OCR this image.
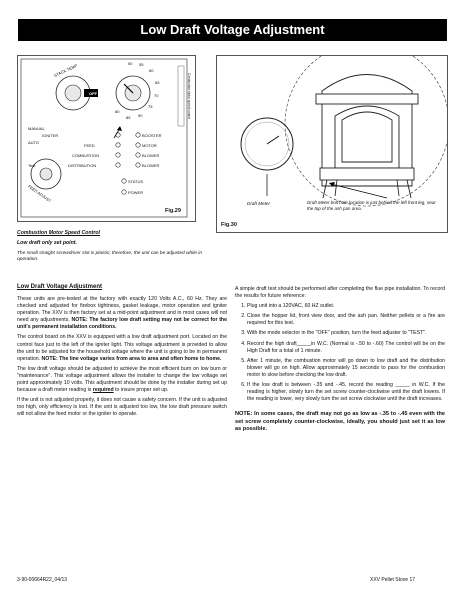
Low Draft Voltage Adjustment
STACK TEMP
OFF
50 55
60
65
70
90
85
80
75
MANUAL
IGNITER
AUTO
FEED
COMBUSTION
DISTRIBUTION
BOOSTER
MOTOR
BLOWER
BLOWER
STATUS
POWER
Test
FEED ADJUST
Combustion motor speed control
Fig.29
Combustion Motor Speed Control
Low draft only set point.
The small straight screwdriver slot is plastic; therefore, the unit can be adjusted while in operation.
Draft Meter	Draft Meter bolt hole location is just behind the left front leg, near the top of the ash pan area.
Fig.30
Low Draft Voltage Adjustment

These units are pre-tested at the factory with exactly 120 Volts A.C., 60 Hz. They are checked and adjusted for firebox tightness, gasket leakage, motor operation and igniter operation. The XXV is then factory set at a mid-point adjustment and in most cases will not need any adjustments. NOTE: The factory low draft setting may not be correct for the unit's permanent installation conditions.

The control board on the XXV is equipped with a low draft adjustment port. Located on the control face just to the left of the igniter light. This voltage adjustment is provided to allow the unit to be adjusted for the household voltage where the unit is going to be in permanent operation. NOTE: The line voltage varies from area to area and often home to home.

The low draft voltage should be adjusted to achieve the most efficient burn on low burn or "maintenance". This voltage adjustment allows the installer to change the low voltage set point approximately 10 volts. This adjustment should be done by the installer during set up because a draft meter reading is required to insure proper set up.

If the unit is not adjusted properly, it does not cause a safety concern. If the unit is adjusted too high, only efficiency is lost. If the unit is adjusted too low, the low draft pressure switch will not allow the feed motor or the igniter to operate.

A simple draft test should be performed after completing the flue pipe installation. To record the results for future reference:

1. Plug unit into a 120VAC, 60 HZ outlet.
2. Close the hopper lid, front view door, and the ash pan. Neither pellets or a fire are required for this test.
3. With the mode selector in the "OFF" position, turn the feed adjuster to "TEST".
4. Record the high draft_____in W.C. (Normal is -.50 to -.60) The control will be on the High Draft for a total of 1 minute.
5. After 1 minute, the combustion motor will go down to low draft and the distribution blower will go on high. Allow approximately 15 seconds to pass for the combustion motor to slow before checking the low draft.
6. If the low draft is between -.35 and -.45, record the reading _____ in W.C. If the reading is higher, slowly turn the set screw counter-clockwise until the draft lowers. If the reading is lower, very slowly turn the set screw clockwise until the draft increases.

NOTE: In some cases, the draft may not go as low as -.35 to -.45 even with the set screw completely counter-clockwise, ideally, you should just set it as low as possible.

3-90-00664R22_04/13	XXV Pellet Stove 17
